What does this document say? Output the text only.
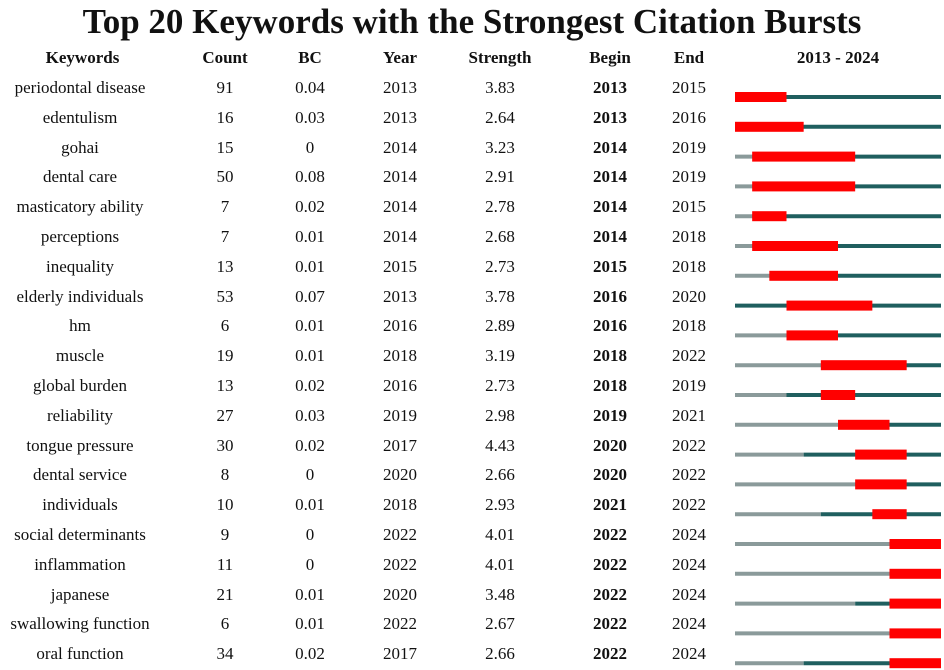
Top 20 Keywords with the Strongest Citation Bursts
Keywords	Count	BC	Year	Strength	Begin	End	2013 - 2024
periodontal disease	91	0.04	2013	3.83	2013	2015
edentulism	16	0.03	2013	2.64	2013	2016
gohai	15	0	2014	3.23	2014	2019
dental care	50	0.08	2014	2.91	2014	2019
masticatory ability	7	0.02	2014	2.78	2014	2015
perceptions	7	0.01	2014	2.68	2014	2018
inequality	13	0.01	2015	2.73	2015	2018
elderly individuals	53	0.07	2013	3.78	2016	2020
hm	6	0.01	2016	2.89	2016	2018
muscle	19	0.01	2018	3.19	2018	2022
global burden	13	0.02	2016	2.73	2018	2019
reliability	27	0.03	2019	2.98	2019	2021
tongue pressure	30	0.02	2017	4.43	2020	2022
dental service	8	0	2020	2.66	2020	2022
individuals	10	0.01	2018	2.93	2021	2022
social determinants	9	0	2022	4.01	2022	2024
inflammation	11	0	2022	4.01	2022	2024
japanese	21	0.01	2020	3.48	2022	2024
swallowing function	6	0.01	2022	2.67	2022	2024
oral function	34	0.02	2017	2.66	2022	2024
